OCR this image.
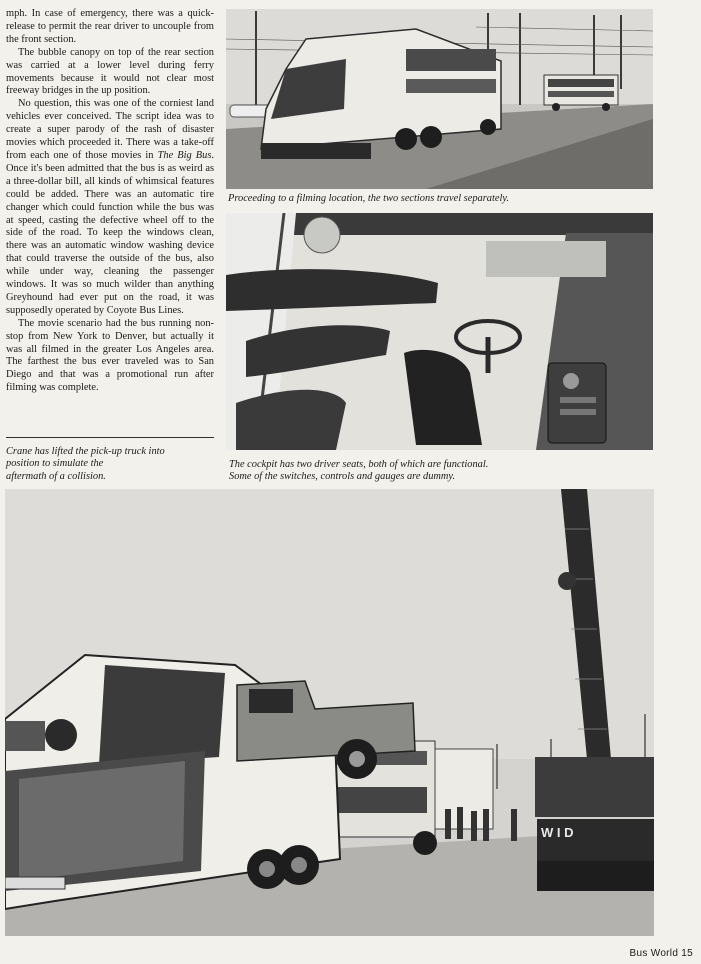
mph. In case of emergency, there was a quick-release to permit the rear driver to uncouple from the front section.

The bubble canopy on top of the rear section was carried at a lower level during ferry movements because it would not clear most freeway bridges in the up position.

No question, this was one of the corniest land vehicles ever conceived. The script idea was to create a super parody of the rash of disaster movies which proceeded it. There was a take-off from each one of those movies in The Big Bus. Once it's been admitted that the bus is as weird as a three-dollar bill, all kinds of whimsical features could be added. There was an automatic tire changer which could function while the bus was at speed, casting the defective wheel off to the side of the road. To keep the windows clean, there was an automatic window washing device that could traverse the outside of the bus, also while under way, cleaning the passenger windows. It was so much wilder than anything Greyhound had ever put on the road, it was supposedly operated by Coyote Bus Lines.

The movie scenario had the bus running non-stop from New York to Denver, but actually it was all filmed in the greater Los Angeles area. The farthest the bus ever traveled was to San Diego and that was a promotional run after filming was complete.

Proceeding to a filming location, the two sections travel separately.
The cockpit has two driver seats, both of which are functional.
Some of the switches, controls and gauges are dummy.
Crane has lifted the pick-up truck into
position to simulate the
aftermath of a collision.
W I D
Bus World 15
